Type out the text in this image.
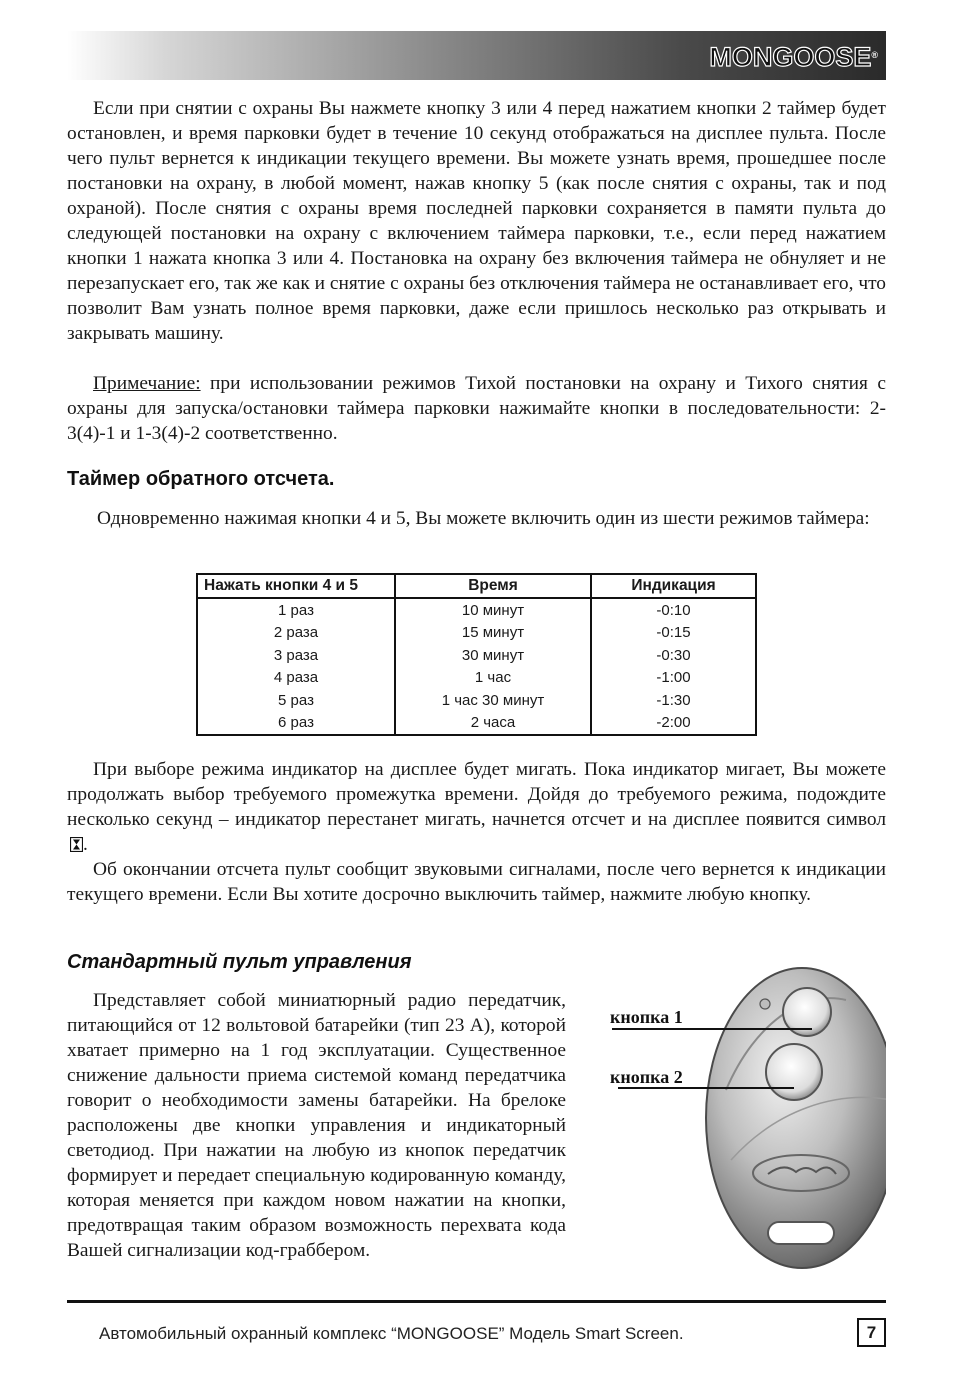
MONGOOSE®

Если при снятии с охраны Вы нажмете кнопку 3 или 4 перед нажатием кнопки 2 таймер будет остановлен, и время парковки будет в течение 10 секунд отображаться на дисплее пульта. После чего пульт вернется к индикации текущего времени. Вы можете узнать время, прошедшее после постановки на охрану, в любой момент, нажав кнопку 5 (как после снятия с охраны, так и под охраной). После снятия с охраны время последней парковки сохраняется в памяти пульта до следующей постановки на охрану с включением таймера парковки, т.е., если перед нажатием кнопки 1 нажата кнопка 3 или 4. Постановка на охрану без включения таймера не обнуляет и не перезапускает его, так же как и снятие с охраны без отключения таймера не останавливает его, что позволит Вам узнать полное время парковки, даже если пришлось несколько раз открывать и закрывать машину.

Примечание: при использовании режимов Тихой постановки на охрану и Тихого снятия с охраны для запуска/остановки таймера парковки нажимайте кнопки в последовательности: 2-3(4)-1 и 1-3(4)-2 соответственно.

Таймер обратного отсчета.

Одновременно нажимая кнопки 4 и 5, Вы можете включить один из шести режимов таймера:

Нажать кнопки 4 и 5	Время	Индикация
1 раз	10 минут	-0:10
2 раза	15 минут	-0:15
3 раза	30 минут	-0:30
4 раза	1 час	-1:00
5 раз	1 час 30 минут	-1:30
6 раз	2 часа	-2:00

При выборе режима индикатор на дисплее будет мигать. Пока индикатор мигает, Вы можете продолжать выбор требуемого промежутка времени. Дойдя до требуемого режима, подождите несколько секунд – индикатор перестанет мигать, начнется отсчет и на дисплее появится символ .

Об окончании отсчета пульт сообщит звуковыми сигналами, после чего вернется к индикации текущего времени. Если Вы хотите досрочно выключить таймер, нажмите любую кнопку.

Стандартный пульт управления

Представляет собой миниатюрный радио передатчик, питающийся от 12 вольтовой батарейки (тип 23 А), которой хватает примерно на 1 год эксплуатации. Существенное снижение дальности приема системой команд передатчика говорит о необходимости замены батарейки. На брелоке расположены две кнопки управления и индикаторный светодиод. При нажатии на любую из кнопок передатчик формирует и передает специальную кодированную команду, которая меняется при каждом новом нажатии на кнопки, предотвращая таким образом возможность перехвата кода Вашей сигнализации код-граббером.

кнопка 1
кнопка 2
Автомобильный охранный комплекс “MONGOOSE” Модель Smart Screen.	7
